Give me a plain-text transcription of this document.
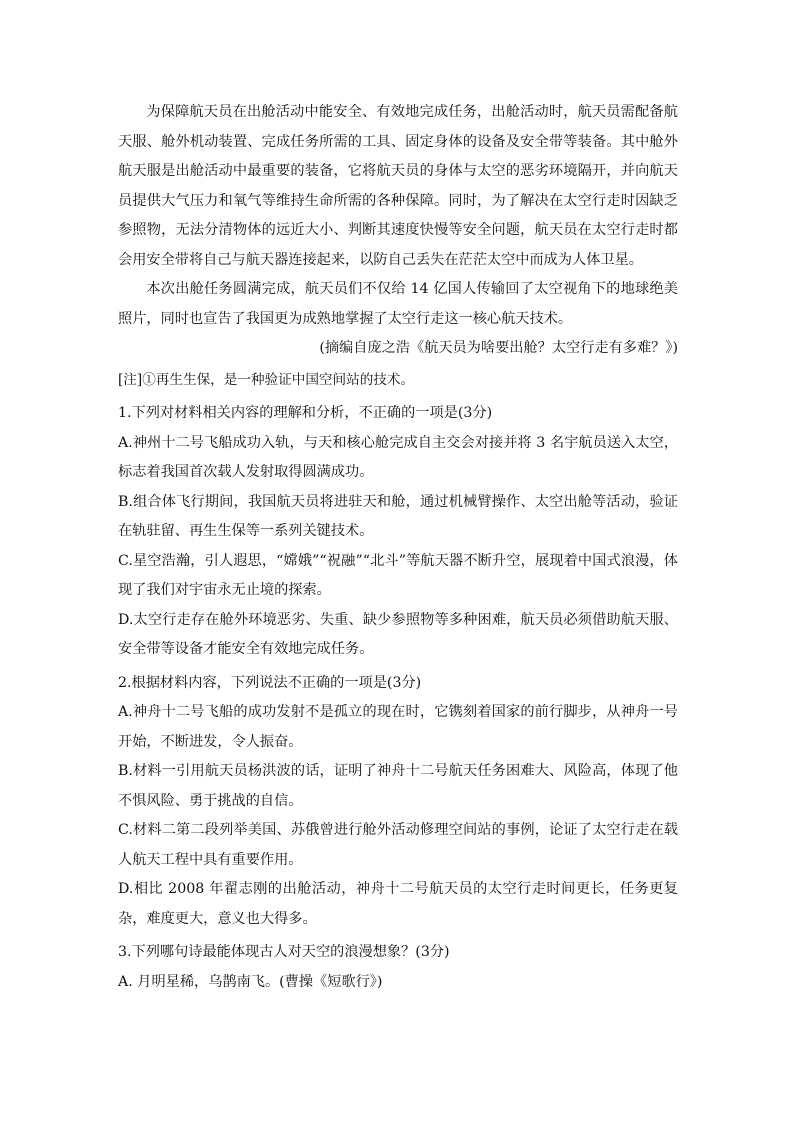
为保障航天员在出舱活动中能安全、有效地完成任务，出舱活动时，航天员需配备航天服、舱外机动装置、完成任务所需的工具、固定身体的设备及安全带等装备。其中舱外航天服是出舱活动中最重要的装备，它将航天员的身体与太空的恶劣环境隔开，并向航天员提供大气压力和氧气等维持生命所需的各种保障。同时，为了解决在太空行走时因缺乏参照物，无法分清物体的远近大小、判断其速度快慢等安全问题，航天员在太空行走时都会用安全带将自己与航天器连接起来，以防自己丢失在茫茫太空中而成为人体卫星。

本次出舱任务圆满完成，航天员们不仅给 14 亿国人传输回了太空视角下的地球绝美照片，同时也宣告了我国更为成熟地掌握了太空行走这一核心航天技术。

(摘编自庞之浩《航天员为啥要出舱？太空行走有多难？》)

[注]①再生生保，是一种验证中国空间站的技术。

1.下列对材料相关内容的理解和分析，不正确的一项是(3分)

A.神州十二号飞船成功入轨，与天和核心舱完成自主交会对接并将 3 名宇航员送入太空，标志着我国首次载人发射取得圆满成功。

B.组合体飞行期间，我国航天员将进驻天和舱，通过机械臂操作、太空出舱等活动，验证在轨驻留、再生生保等一系列关键技术。

C.星空浩瀚，引人遐思，“嫦娥”“祝融”“北斗”等航天器不断升空，展现着中国式浪漫，体现了我们对宇宙永无止境的探索。

D.太空行走存在舱外环境恶劣、失重、缺少参照物等多种困难，航天员必须借助航天服、安全带等设备才能安全有效地完成任务。

2.根据材料内容，下列说法不正确的一项是(3分)

A.神舟十二号飞船的成功发射不是孤立的现在时，它镌刻着国家的前行脚步，从神舟一号开始，不断进发，令人振奋。

B.材料一引用航天员杨洪波的话，证明了神舟十二号航天任务困难大、风险高，体现了他不惧风险、勇于挑战的自信。

C.材料二第二段列举美国、苏俄曾进行舱外活动修理空间站的事例，论证了太空行走在载人航天工程中具有重要作用。

D.相比 2008 年翟志刚的出舱活动，神舟十二号航天员的太空行走时间更长，任务更复杂，难度更大，意义也大得多。

3.下列哪句诗最能体现古人对天空的浪漫想象？(3分)

A. 月明星稀，乌鹊南飞。(曹操《短歌行》)
